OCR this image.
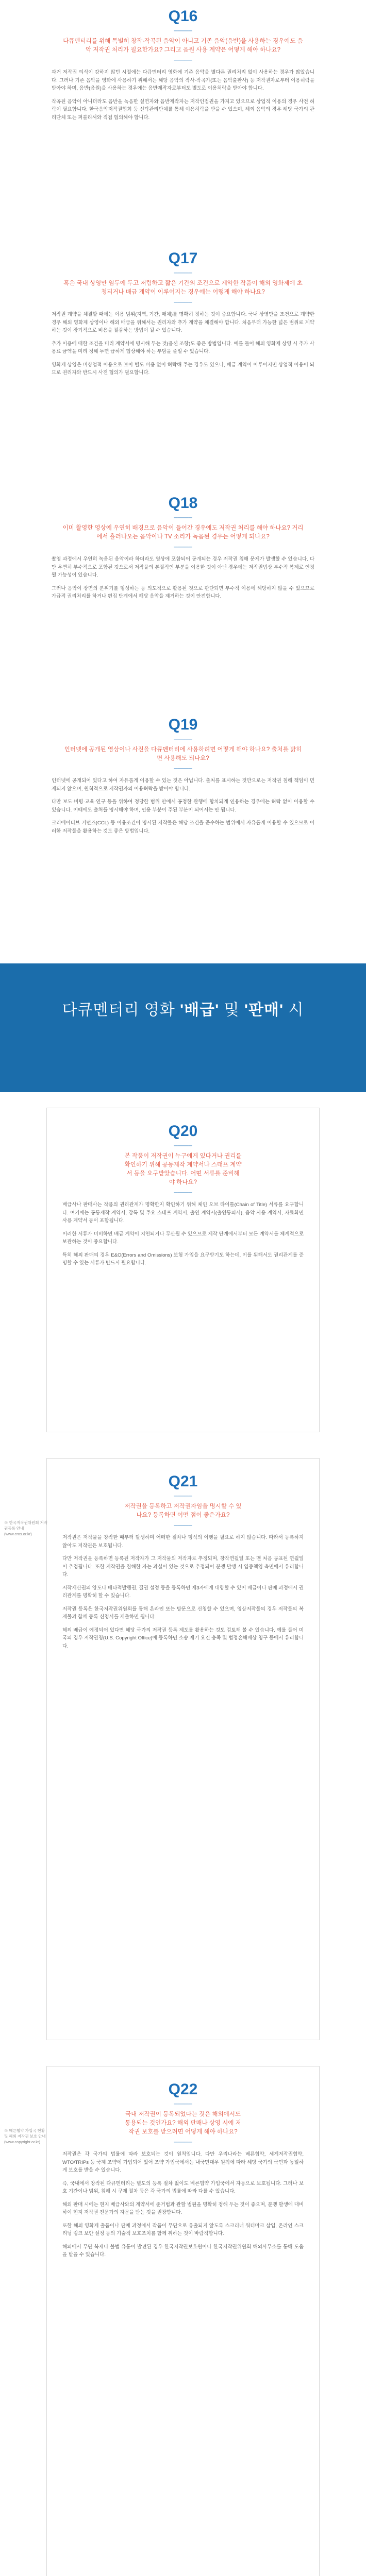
Q16
─────
다큐멘터리를 위해 특별히 창작·작곡된 음악이 아니고 기존 음악(음반)을 사용하는 경우에도 음악 저작권 처리가 필요한가요? 그리고 음원 사용 계약은 어떻게 해야 하나요?
─────
과거 저작권 의식이 강하지 않던 시절에는 다큐멘터리 영화에 기존 음악을 별다른 권리처리 없이 사용하는 경우가 많았습니다. 그러나 기존 음악을 영화에 사용하기 위해서는 해당 음악의 작사·작곡가(또는 음악출판사) 등 저작권자로부터 이용허락을 받아야 하며, 음반(음원)을 사용하는 경우에는 음반제작자로부터도 별도로 이용허락을 받아야 합니다.
작곡된 음악이 아니더라도 음반을 녹음한 실연자와 음반제작자는 저작인접권을 가지고 있으므로 상업적 이용의 경우 사전 허락이 필요합니다. 한국음악저작권협회 등 신탁관리단체를 통해 이용허락을 받을 수 있으며, 해외 음악의 경우 해당 국가의 관리단체 또는 퍼블리셔와 직접 협의해야 합니다.
Q17
─────
혹은 국내 상영만 염두에 두고 저렴하고 짧은 기간의 조건으로 계약한 작품이 해외 영화제에 초청되거나 배급 계약이 이루어지는 경우에는 어떻게 해야 하나요?
─────
저작권 계약을 체결할 때에는 이용 범위(지역, 기간, 매체)를 명확히 정하는 것이 중요합니다. 국내 상영만을 조건으로 계약한 경우 해외 영화제 상영이나 해외 배급을 위해서는 권리자와 추가 계약을 체결해야 합니다. 처음부터 가능한 넓은 범위로 계약하는 것이 장기적으로 비용을 절감하는 방법이 될 수 있습니다.
추가 이용에 대한 조건을 미리 계약서에 명시해 두는 것(옵션 조항)도 좋은 방법입니다. 예를 들어 해외 영화제 상영 시 추가 사용료 금액을 미리 정해 두면 급하게 협상해야 하는 부담을 줄일 수 있습니다.
영화제 상영은 비상업적 이용으로 보아 별도 비용 없이 허락해 주는 경우도 있으나, 배급 계약이 이루어지면 상업적 이용이 되므로 권리자와 반드시 사전 협의가 필요합니다.
Q18
─────
이미 촬영한 영상에 우연히 배경으로 음악이 들어간 경우에도 저작권 처리를 해야 하나요? 거리에서 흘러나오는 음악이나 TV 소리가 녹음된 경우는 어떻게 되나요?
─────
촬영 과정에서 우연히 녹음된 음악이라 하더라도 영상에 포함되어 공개되는 경우 저작권 침해 문제가 발생할 수 있습니다. 다만 우연히 부수적으로 포함된 것으로서 저작물의 본질적인 부분을 이용한 것이 아닌 경우에는 저작권법상 부수적 복제로 인정될 가능성이 있습니다.
그러나 음악이 장면의 분위기를 형성하는 등 의도적으로 활용된 것으로 판단되면 부수적 이용에 해당하지 않을 수 있으므로 가급적 권리처리를 하거나 편집 단계에서 해당 음악을 제거하는 것이 안전합니다.
Q19
─────
인터넷에 공개된 영상이나 사진을 다큐멘터리에 사용하려면 어떻게 해야 하나요? 출처를 밝히면 사용해도 되나요?
─────
인터넷에 공개되어 있다고 하여 자유롭게 이용할 수 있는 것은 아닙니다. 출처를 표시하는 것만으로는 저작권 침해 책임이 면제되지 않으며, 원칙적으로 저작권자의 이용허락을 받아야 합니다.
다만 보도·비평·교육·연구 등을 위하여 정당한 범위 안에서 공정한 관행에 합치되게 인용하는 경우에는 허락 없이 이용할 수 있습니다. 이때에도 출처를 명시해야 하며, 인용 부분이 주된 부분이 되어서는 안 됩니다.
크리에이티브 커먼즈(CCL) 등 이용조건이 명시된 저작물은 해당 조건을 준수하는 범위에서 자유롭게 이용할 수 있으므로 이러한 저작물을 활용하는 것도 좋은 방법입니다.
다큐멘터리 영화 '배급' 및 '판매' 시
Q20
─────
본 작품이 저작권이 누구에게 있다거나 권리를 확인하기 위해 공동제작 계약서나 스태프 계약서 등을 요구받았습니다. 어떤 서류를 준비해야 하나요?
─────
배급사나 판매사는 작품의 권리관계가 명확한지 확인하기 위해 체인 오브 타이틀(Chain of Title) 서류를 요구합니다. 여기에는 공동제작 계약서, 감독 및 주요 스태프 계약서, 출연 계약서(출연동의서), 음악 사용 계약서, 자료화면 사용 계약서 등이 포함됩니다.
이러한 서류가 미비하면 배급 계약이 지연되거나 무산될 수 있으므로 제작 단계에서부터 모든 계약서를 체계적으로 보관하는 것이 중요합니다.
특히 해외 판매의 경우 E&O(Errors and Omissions) 보험 가입을 요구받기도 하는데, 이를 위해서도 권리관계를 증명할 수 있는 서류가 반드시 필요합니다.
Q21
─────
저작권을 등록하고 저작권자임을 명시할 수 있나요? 등록하면 어떤 점이 좋은가요?
─────
저작권은 저작물을 창작한 때부터 발생하며 어떠한 절차나 형식의 이행을 필요로 하지 않습니다. 따라서 등록하지 않아도 저작권은 보호됩니다.
다만 저작권을 등록하면 등록된 저작자가 그 저작물의 저작자로 추정되며, 창작연월일 또는 맨 처음 공표된 연월일이 추정됩니다. 또한 저작권을 침해한 자는 과실이 있는 것으로 추정되어 분쟁 발생 시 입증책임 측면에서 유리합니다.
저작재산권의 양도나 배타적발행권, 질권 설정 등을 등록하면 제3자에게 대항할 수 있어 배급이나 판매 과정에서 권리관계를 명확히 할 수 있습니다.
저작권 등록은 한국저작권위원회를 통해 온라인 또는 방문으로 신청할 수 있으며, 영상저작물의 경우 저작물의 복제물과 함께 등록 신청서를 제출하면 됩니다.
해외 배급이 예정되어 있다면 해당 국가의 저작권 등록 제도를 활용하는 것도 검토해 볼 수 있습니다. 예를 들어 미국의 경우 저작권청(U.S. Copyright Office)에 등록하면 소송 제기 요건 충족 및 법정손해배상 청구 등에서 유리합니다.
※ 한국저작권위원회 저작권등록 안내 (www.cros.or.kr)
Q22
─────
국내 저작권이 등록되었다는 것은 해외에서도 통용되는 것인가요? 해외 판매나 상영 시에 저작권 보호를 받으려면 어떻게 해야 하나요?
─────
저작권은 각 국가의 법률에 따라 보호되는 것이 원칙입니다. 다만 우리나라는 베른협약, 세계저작권협약, WTO/TRIPs 등 국제 조약에 가입되어 있어 조약 가입국에서는 내국민대우 원칙에 따라 해당 국가의 국민과 동일하게 보호를 받을 수 있습니다.
즉, 국내에서 창작된 다큐멘터리는 별도의 등록 절차 없이도 베른협약 가입국에서 자동으로 보호됩니다. 그러나 보호 기간이나 범위, 침해 시 구제 절차 등은 각 국가의 법률에 따라 다를 수 있습니다.
해외 판매 시에는 현지 배급사와의 계약서에 준거법과 관할 법원을 명확히 정해 두는 것이 좋으며, 분쟁 발생에 대비하여 현지 저작권 전문가의 자문을 받는 것을 권장합니다.
또한 해외 영화제 출품이나 판매 과정에서 작품이 무단으로 유출되지 않도록 스크리너 워터마크 삽입, 온라인 스크리닝 링크 보안 설정 등의 기술적 보호조치를 함께 취하는 것이 바람직합니다.
해외에서 무단 복제나 불법 유통이 발견된 경우 한국저작권보호원이나 한국저작권위원회 해외사무소를 통해 도움을 받을 수 있습니다.
※ 베른협약 가입국 현황 및 해외 저작권 보호 안내 (www.copyright.or.kr)
